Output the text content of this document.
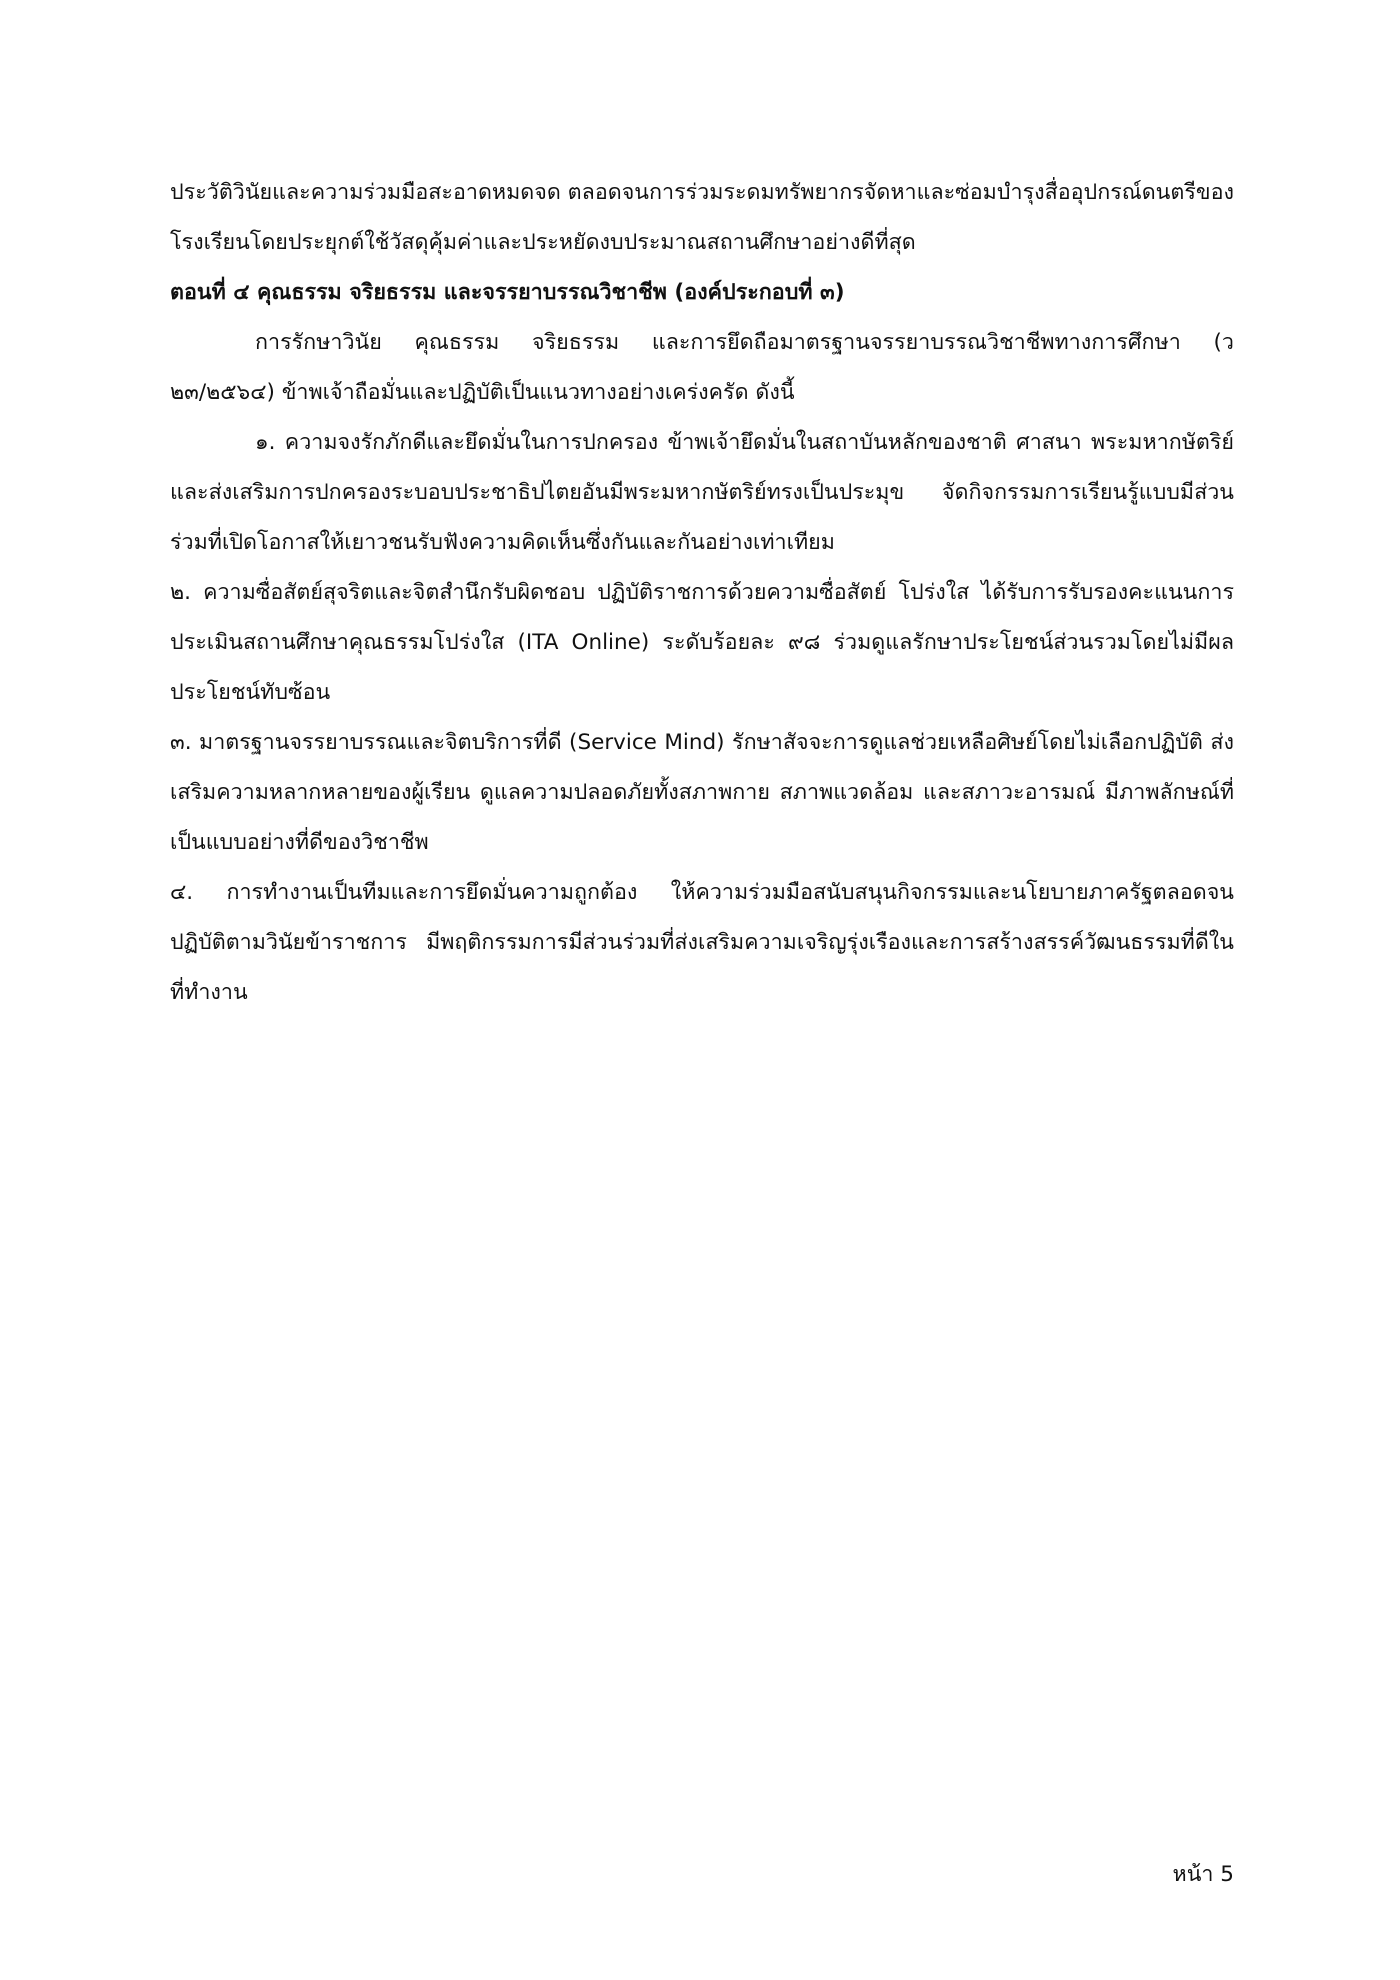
ประวัติวินัยและความร่วมมือสะอาดหมดจด ตลอดจนการร่วมระดมทรัพยากรจัดหาและซ่อมบำรุงสื่ออุปกรณ์ดนตรีของโรงเรียนโดยประยุกต์ใช้วัสดุคุ้มค่าและประหยัดงบประมาณสถานศึกษาอย่างดีที่สุด

ตอนที่ ๔ คุณธรรม จริยธรรม และจรรยาบรรณวิชาชีพ (องค์ประกอบที่ ๓)

การรักษาวินัย คุณธรรม จริยธรรม และการยึดถือมาตรฐานจรรยาบรรณวิชาชีพทางการศึกษา (ว ๒๓/๒๕๖๔) ข้าพเจ้าถือมั่นและปฏิบัติเป็นแนวทางอย่างเคร่งครัด ดังนี้

๑. ความจงรักภักดีและยึดมั่นในการปกครอง ข้าพเจ้ายึดมั่นในสถาบันหลักของชาติ ศาสนา พระมหากษัตริย์ และส่งเสริมการปกครองระบอบประชาธิปไตยอันมีพระมหากษัตริย์ทรงเป็นประมุข จัดกิจกรรมการเรียนรู้แบบมีส่วนร่วมที่เปิดโอกาสให้เยาวชนรับฟังความคิดเห็นซึ่งกันและกันอย่างเท่าเทียม

๒. ความซื่อสัตย์สุจริตและจิตสำนึกรับผิดชอบ ปฏิบัติราชการด้วยความซื่อสัตย์ โปร่งใส ได้รับการรับรองคะแนนการประเมินสถานศึกษาคุณธรรมโปร่งใส (ITA Online) ระดับร้อยละ ๙๘ ร่วมดูแลรักษาประโยชน์ส่วนรวมโดยไม่มีผลประโยชน์ทับซ้อน

๓. มาตรฐานจรรยาบรรณและจิตบริการที่ดี (Service Mind) รักษาสัจจะการดูแลช่วยเหลือศิษย์โดยไม่เลือกปฏิบัติ ส่งเสริมความหลากหลายของผู้เรียน ดูแลความปลอดภัยทั้งสภาพกาย สภาพแวดล้อม และสภาวะอารมณ์ มีภาพลักษณ์ที่เป็นแบบอย่างที่ดีของวิชาชีพ

๔. การทำงานเป็นทีมและการยึดมั่นความถูกต้อง ให้ความร่วมมือสนับสนุนกิจกรรมและนโยบายภาครัฐตลอดจนปฏิบัติตามวินัยข้าราชการ มีพฤติกรรมการมีส่วนร่วมที่ส่งเสริมความเจริญรุ่งเรืองและการสร้างสรรค์วัฒนธรรมที่ดีในที่ทำงาน

หน้า 5
